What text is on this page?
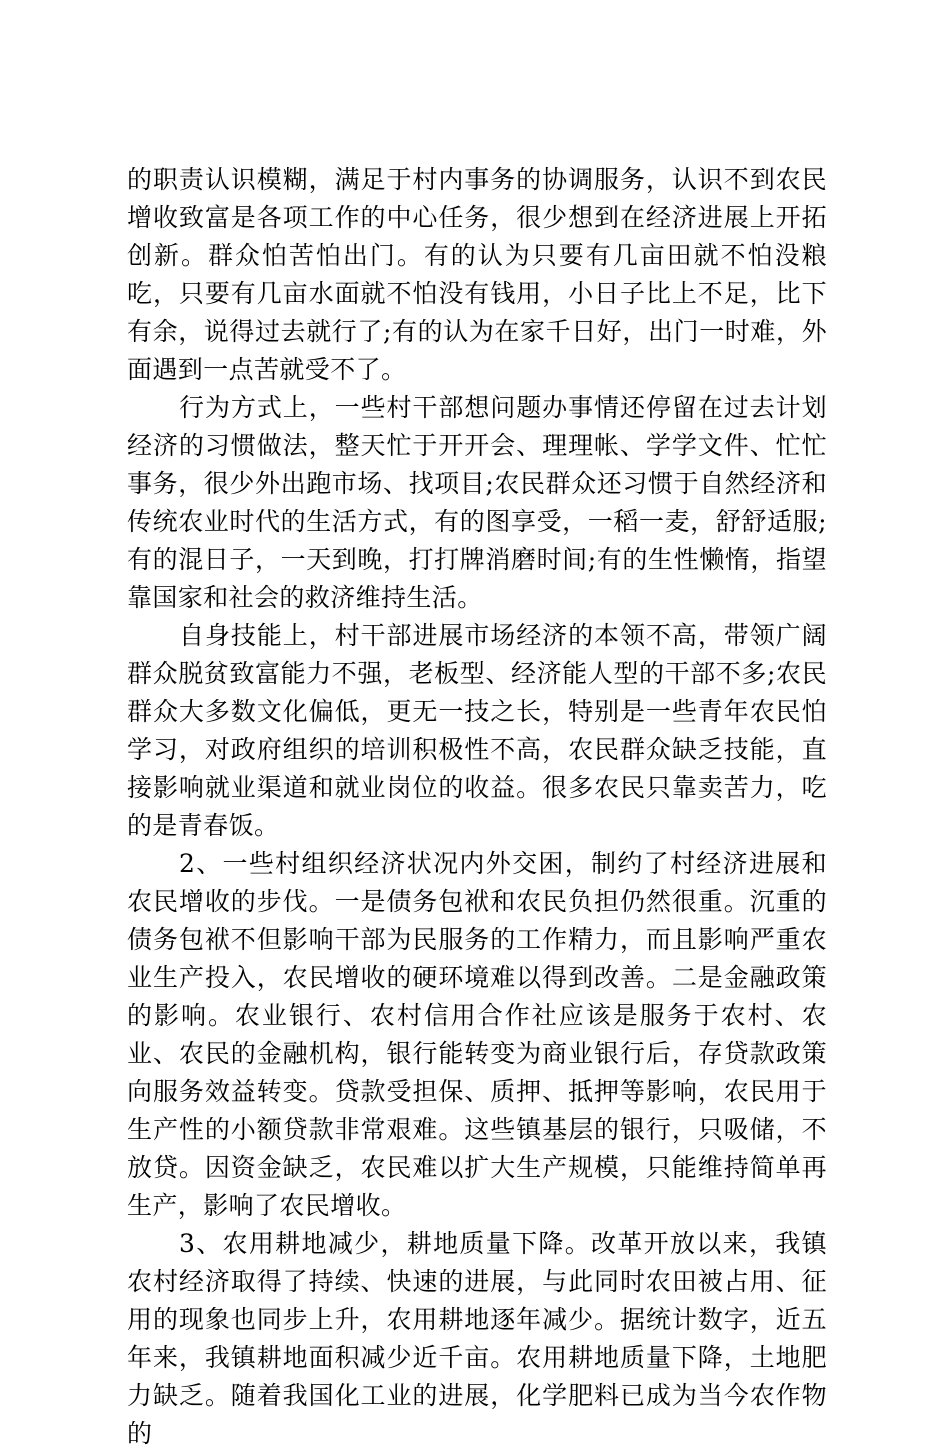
的职责认识模糊，满足于村内事务的协调服务，认识不到农民增收致富是各项工作的中心任务，很少想到在经济进展上开拓创新。群众怕苦怕出门。有的认为只要有几亩田就不怕没粮吃，只要有几亩水面就不怕没有钱用，小日子比上不足，比下有余，说得过去就行了;有的认为在家千日好，出门一时难，外面遇到一点苦就受不了。

行为方式上，一些村干部想问题办事情还停留在过去计划经济的习惯做法，整天忙于开开会、理理帐、学学文件、忙忙事务，很少外出跑市场、找项目;农民群众还习惯于自然经济和传统农业时代的生活方式，有的图享受，一稻一麦，舒舒适服;有的混日子，一天到晚，打打牌消磨时间;有的生性懒惰，指望靠国家和社会的救济维持生活。

自身技能上，村干部进展市场经济的本领不高，带领广阔群众脱贫致富能力不强，老板型、经济能人型的干部不多;农民群众大多数文化偏低，更无一技之长，特别是一些青年农民怕学习，对政府组织的培训积极性不高，农民群众缺乏技能，直接影响就业渠道和就业岗位的收益。很多农民只靠卖苦力，吃的是青春饭。

2、一些村组织经济状况内外交困，制约了村经济进展和农民增收的步伐。一是债务包袱和农民负担仍然很重。沉重的债务包袱不但影响干部为民服务的工作精力，而且影响严重农业生产投入，农民增收的硬环境难以得到改善。二是金融政策的影响。农业银行、农村信用合作社应该是服务于农村、农业、农民的金融机构，银行能转变为商业银行后，存贷款政策向服务效益转变。贷款受担保、质押、抵押等影响，农民用于生产性的小额贷款非常艰难。这些镇基层的银行，只吸储，不放贷。因资金缺乏，农民难以扩大生产规模，只能维持简单再生产，影响了农民增收。

3、农用耕地减少，耕地质量下降。改革开放以来，我镇农村经济取得了持续、快速的进展，与此同时农田被占用、征用的现象也同步上升，农用耕地逐年减少。据统计数字，近五年来，我镇耕地面积减少近千亩。农用耕地质量下降，土地肥力缺乏。随着我国化工业的进展，化学肥料已成为当今农作物的
